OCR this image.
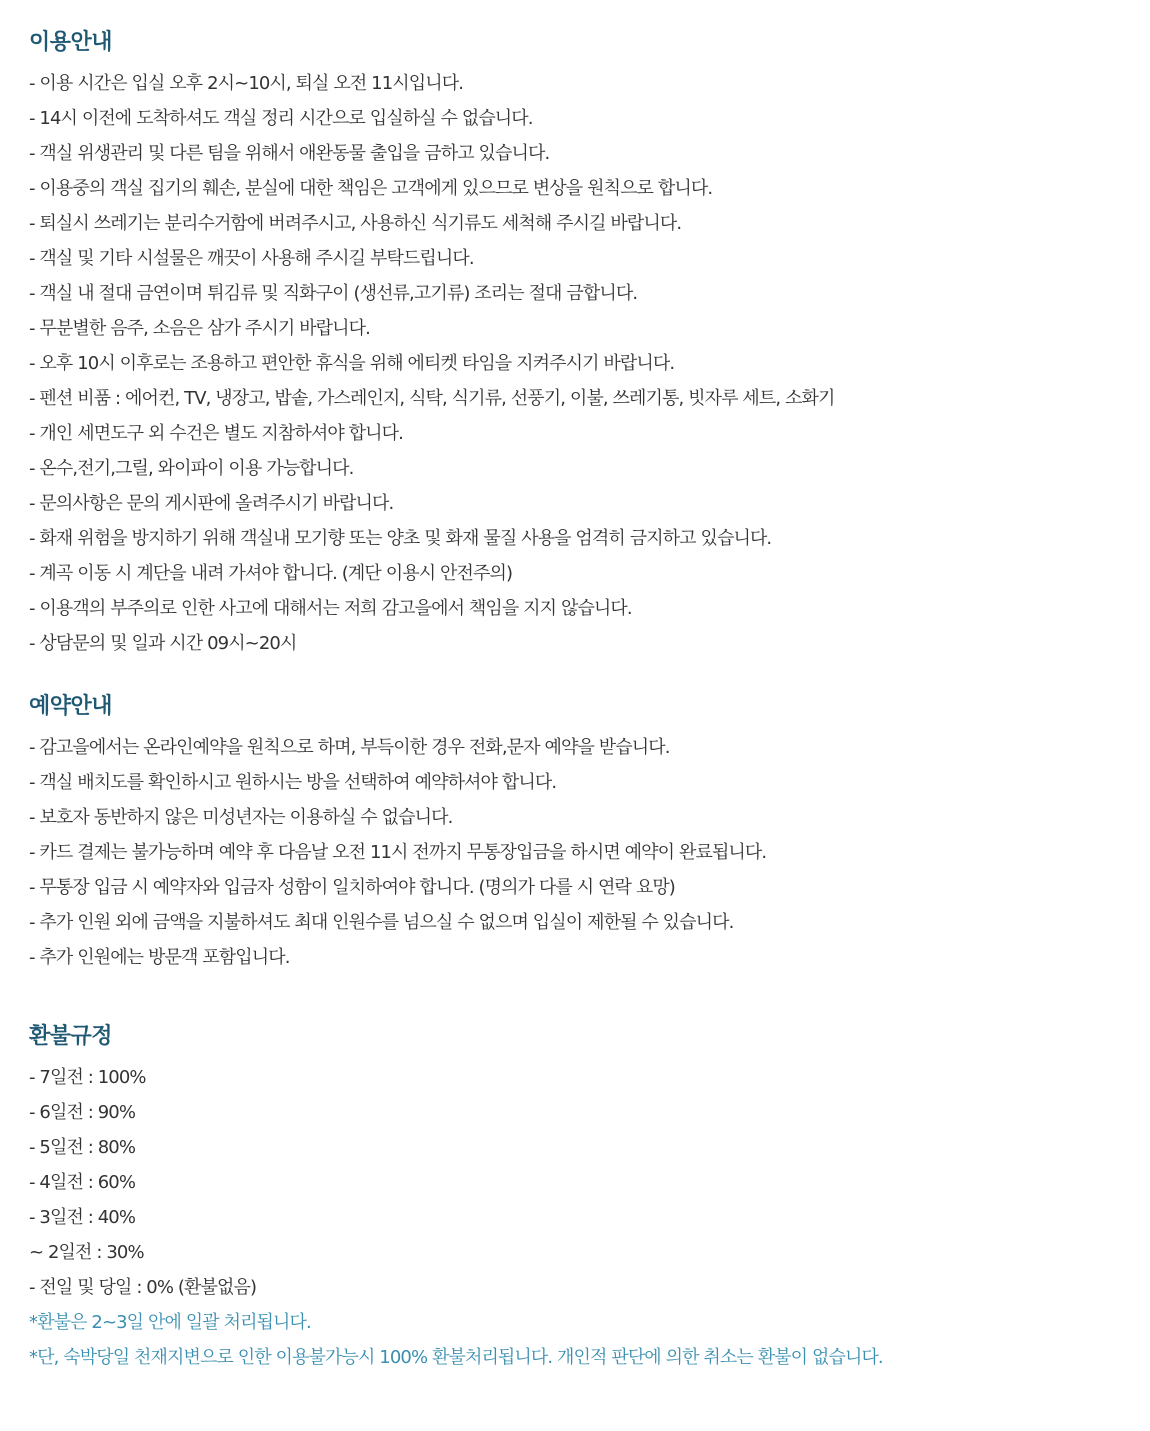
이용안내
- 이용 시간은 입실 오후 2시~10시, 퇴실 오전 11시입니다.
- 14시 이전에 도착하셔도 객실 정리 시간으로 입실하실 수 없습니다.
- 객실 위생관리 및 다른 팀을 위해서 애완동물 출입을 금하고 있습니다.
- 이용중의 객실 집기의 훼손, 분실에 대한 책임은 고객에게 있으므로 변상을 원칙으로 합니다.
- 퇴실시 쓰레기는 분리수거함에 버려주시고, 사용하신 식기류도 세척해 주시길 바랍니다.
- 객실 및 기타 시설물은 깨끗이 사용해 주시길 부탁드립니다.
- 객실 내 절대 금연이며 튀김류 및 직화구이 (생선류,고기류) 조리는 절대 금합니다.
- 무분별한 음주, 소음은 삼가 주시기 바랍니다.
- 오후 10시 이후로는 조용하고 편안한 휴식을 위해 에티켓 타임을 지켜주시기 바랍니다.
- 펜션 비품 : 에어컨, TV, 냉장고, 밥솥, 가스레인지, 식탁, 식기류, 선풍기, 이불, 쓰레기통, 빗자루 세트, 소화기
- 개인 세면도구 외 수건은 별도 지참하셔야 합니다.
- 온수,전기,그릴, 와이파이 이용 가능합니다.
- 문의사항은 문의 게시판에 올려주시기 바랍니다.
- 화재 위험을 방지하기 위해 객실내 모기향 또는 양초 및 화재 물질 사용을 엄격히 금지하고 있습니다.
- 계곡 이동 시 계단을 내려 가셔야 합니다. (계단 이용시 안전주의)
- 이용객의 부주의로 인한 사고에 대해서는 저희 감고을에서 책임을 지지 않습니다.
- 상담문의 및 일과 시간 09시~20시
예약안내
- 감고을에서는 온라인예약을 원칙으로 하며, 부득이한 경우 전화,문자 예약을 받습니다.
- 객실 배치도를 확인하시고 원하시는 방을 선택하여 예약하셔야 합니다.
- 보호자 동반하지 않은 미성년자는 이용하실 수 없습니다.
- 카드 결제는 불가능하며 예약 후 다음날 오전 11시 전까지 무통장입금을 하시면 예약이 완료됩니다.
- 무통장 입금 시 예약자와 입금자 성함이 일치하여야 합니다. (명의가 다를 시 연락 요망)
- 추가 인원 외에 금액을 지불하셔도 최대 인원수를 넘으실 수 없으며 입실이 제한될 수 있습니다.
- 추가 인원에는 방문객 포함입니다.
환불규정
- 7일전 : 100%
- 6일전 : 90%
- 5일전 : 80%
- 4일전 : 60%
- 3일전 : 40%
~ 2일전 : 30%
- 전일 및 당일 : 0% (환불없음)
*환불은 2~3일 안에 일괄 처리됩니다.
*단, 숙박당일 천재지변으로 인한 이용불가능시 100% 환불처리됩니다. 개인적 판단에 의한 취소는 환불이 없습니다.
